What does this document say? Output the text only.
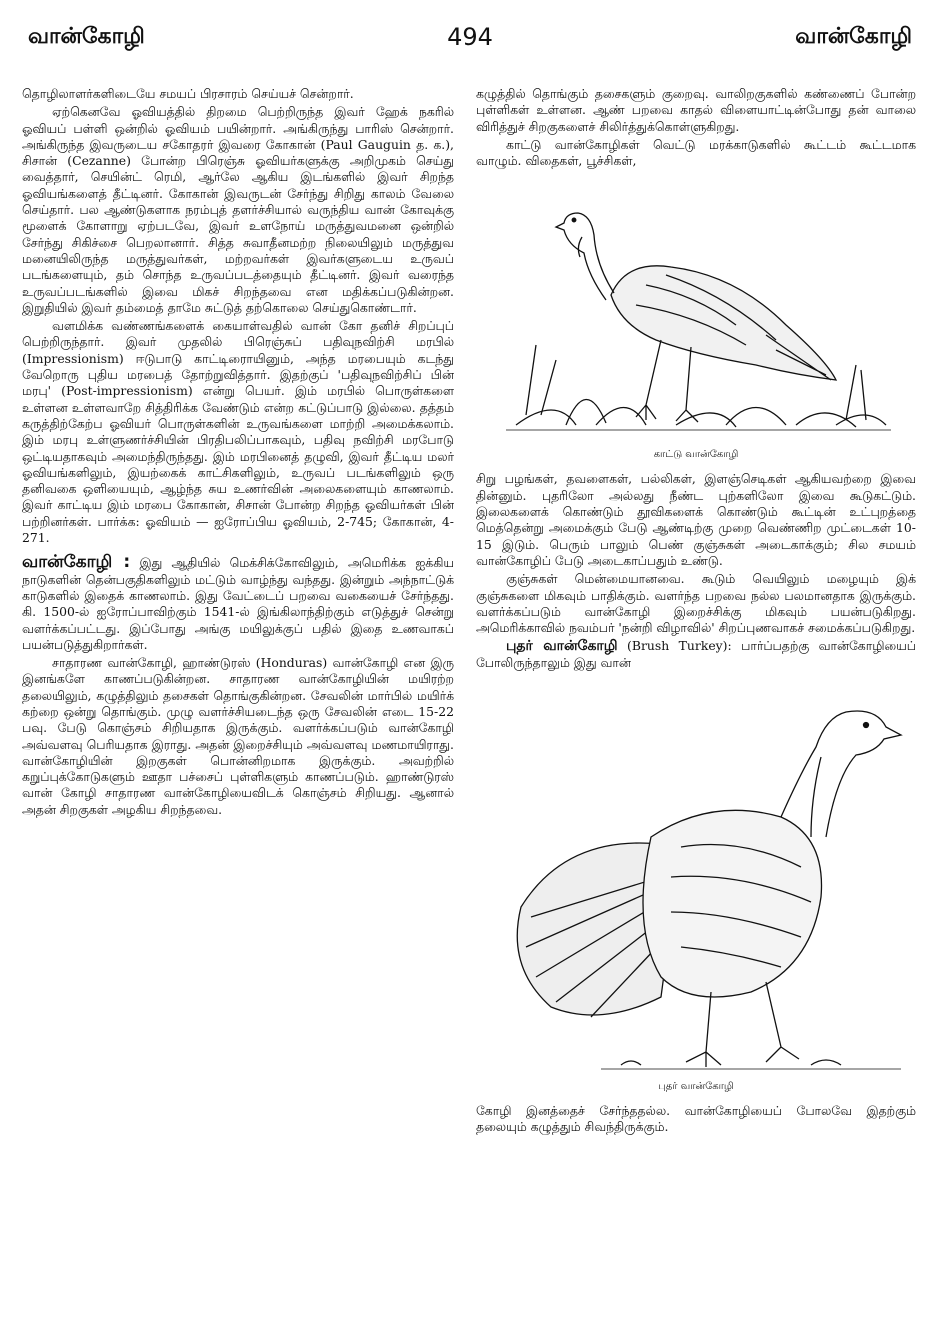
வான்கோழி	494	வான்கோழி

தொழிலாளர்களிடையே சமயப் பிரசாரம் செய்யச் சென்றார்.

ஏற்கெனவே ஓவியத்தில் திறமை பெற்றிருந்த இவர் ஹேக் நகரில் ஓவியப் பள்ளி ஒன்றில் ஓவியம் பயின்றார். அங்கிருந்து பாரிஸ் சென்றார். அங்கிருந்த இவருடைய சகோதரர் இவரை கோகான் (Paul Gauguin த. க.), சிசான் (Cezanne) போன்ற பிரெஞ்சு ஓவியர்களுக்கு அறிமுகம் செய்து வைத்தார், செயின்ட் ரெமி, ஆர்லே ஆகிய இடங்களில் இவர் சிறந்த ஓவியங்களைத் தீட்டினர். கோகான் இவருடன் சேர்ந்து சிறிது காலம் வேலை செய்தார். பல ஆண்டுகளாக நரம்புத் தளர்ச்சியால் வருந்திய வான் கோவுக்கு மூளைக் கோளாறு ஏற்படவே, இவர் உளநோய் மருத்துவமனை ஒன்றில் சேர்ந்து சிகிச்சை பெறலானார். சித்த சுவாதீனமற்ற நிலையிலும் மருத்துவ மனையிலிருந்த மருத்துவர்கள், மற்றவர்கள் இவர்களுடைய உருவப் படங்களையும், தம் சொந்த உருவப்படத்தையும் தீட்டினர். இவர் வரைந்த உருவப்படங்களில் இவை மிகச் சிறந்தவை என மதிக்கப்படுகின்றன. இறுதியில் இவர் தம்மைத் தாமே சுட்டுத் தற்கொலை செய்துகொண்டார்.

வளமிக்க வண்ணங்களைக் கையாள்வதில் வான் கோ தனிச் சிறப்புப் பெற்றிருந்தார். இவர் முதலில் பிரெஞ்சுப் பதிவுநவிற்சி மரபில் (Impressionism) ஈடுபாடு காட்டிரைாயினும், அந்த மரபையும் கடந்து வேறொரு புதிய மரபைத் தோற்றுவித்தார். இதற்குப் 'பதிவுநவிற்சிப் பின் மரபு' (Post-impressionism) என்று பெயர். இம் மரபில் பொருள்களை உள்ளன உள்ளவாறே சித்திரிக்க வேண்டும் என்ற கட்டுப்பாடு இல்லை. தத்தம் கருத்திற்கேற்ப ஓவியர் பொருள்களின் உருவங்களை மாற்றி அமைக்கலாம். இம் மரபு உள்ளுணர்ச்சியின் பிரதிபலிப்பாகவும், பதிவு நவிற்சி மரபோடு ஒட்டியதாகவும் அமைந்திருந்தது. இம் மரபினைத் தழுவி, இவர் தீட்டிய மலர் ஓவியங்களிலும், இயற்கைக் காட்சிகளிலும், உருவப் படங்களிலும் ஒரு தனிவகை ஒளியையும், ஆழ்ந்த சுய உணர்வின் அலைகளையும் காணலாம். இவர் காட்டிய இம் மரபை கோகான், சிசான் போன்ற சிறந்த ஓவியர்கள் பின் பற்றினர்கள். பார்க்க: ஓவியம் — ஐரோப்பிய ஓவியம், 2-745; கோகான், 4-271.

வான்கோழி : இது ஆதியில் மெக்சிக்கோவிலும், அமெரிக்க ஐக்கிய நாடுகளின் தென்பகுதிகளிலும் மட்டும் வாழ்ந்து வந்தது. இன்றும் அந்நாட்டுக் காடுகளில் இதைக் காணலாம். இது வேட்டைப் பறவை வகையைச் சேர்ந்தது. கி. 1500-ல் ஐரோப்பாவிற்கும் 1541-ல் இங்கிலாந்திற்கும் எடுத்துச் சென்று வளர்க்கப்பட்டது. இப்போது அங்கு மயிலுக்குப் பதில் இதை உணவாகப் பயன்படுத்துகிறார்கள்.

சாதாரண வான்கோழி, ஹாண்டுரஸ் (Honduras) வான்கோழி என இரு இனங்களே காணப்படுகின்றன. சாதாரண வான்கோழியின் மயிரற்ற தலையிலும், கழுத்திலும் தசைகள் தொங்குகின்றன. சேவலின் மார்பில் மயிர்க் கற்றை ஒன்று தொங்கும். முழு வளர்ச்சியடைந்த ஒரு சேவலின் எடை 15-22 பவு. பேடு கொஞ்சம் சிறியதாக இருக்கும். வளர்க்கப்படும் வான்கோழி அவ்வளவு பெரியதாக இராது. அதன் இறைச்சியும் அவ்வளவு மணமாயிராது. வான்கோழியின் இறகுகள் பொன்னிறமாக இருக்கும். அவற்றில் கறுப்புக்கோடுகளும் ஊதா பச்சைப் புள்ளிகளும் காணப்படும். ஹாண்டுரஸ் வான் கோழி சாதாரண வான்கோழியைவிடக் கொஞ்சம் சிறியது. ஆனால் அதன் சிறகுகள் அழகிய சிறந்தவை.

கழுத்தில் தொங்கும் தசைகளும் குறைவு. வாலிறகுகளில் கண்ணைப் போன்ற புள்ளிகள் உள்ளன. ஆண் பறவை காதல் விளையாட்டின்போது தன் வாலை விரித்துச் சிறகுகளைச் சிலிர்த்துக்கொள்ளுகிறது.

காட்டு வான்கோழிகள் வெட்டு மரக்காடுகளில் கூட்டம் கூட்டமாக வாழும். விதைகள், பூச்சிகள்,

காட்டு வான்கோழி

சிறு பழங்கள், தவளைகள், பல்லிகள், இளஞ்செடிகள் ஆகியவற்றை இவை தின்னும். புதரிலோ அல்லது நீண்ட புற்களிலோ இவை கூடுகட்டும். இலைகளைக் கொண்டும் தூவிகளைக் கொண்டும் கூட்டின் உட்புறத்தை மெத்தென்று அமைக்கும் பேடு ஆண்டிற்கு முறை வெண்ணிற முட்டைகள் 10-15 இடும். பெரும் பாலும் பெண் குஞ்சுகள் அடைகாக்கும்; சில சமயம் வான்கோழிப் பேடு அடைகாப்பதும் உண்டு.

குஞ்சுகள் மென்மையானவை. கூடும் வெயிலும் மழையும் இக் குஞ்சுகளை மிகவும் பாதிக்கும். வளர்ந்த பறவை நல்ல பலமானதாக இருக்கும். வளர்க்கப்படும் வான்கோழி இறைச்சிக்கு மிகவும் பயன்படுகிறது. அமெரிக்காவில் நவம்பர் 'நன்றி விழாவில்' சிறப்புணவாகச் சமைக்கப்படுகிறது.

புதர் வான்கோழி (Brush Turkey): பார்ப்பதற்கு வான்கோழியைப் போலிருந்தாலும் இது வான்

புதர் வான்கோழி

கோழி இனத்தைச் சேர்ந்ததல்ல. வான்கோழியைப் போலவே இதற்கும் தலையும் கழுத்தும் சிவந்திருக்கும்.
